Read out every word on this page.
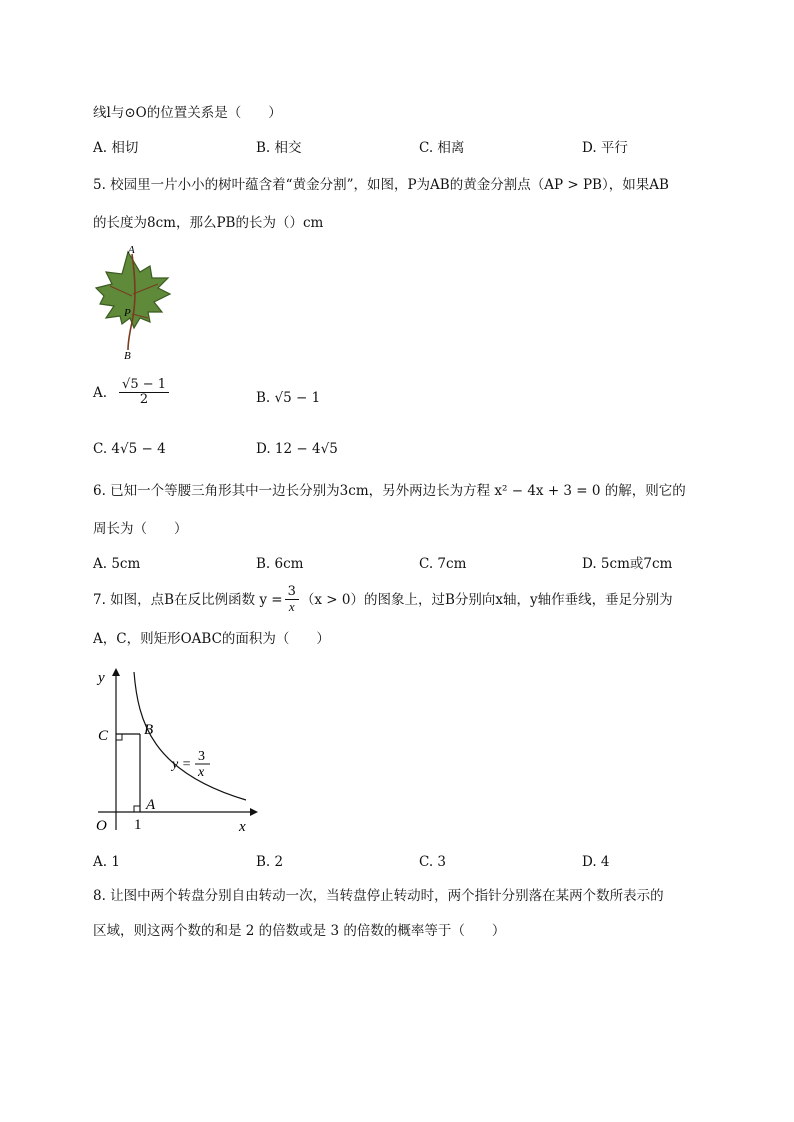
线l与⊙O的位置关系是（　　）
A. 相切	B. 相交	C. 相离	D. 平行
5. 校园里一片小小的树叶蕴含着“黄金分割”，如图，P为AB的黄金分割点（AP > PB），如果AB
的长度为8cm，那么PB的长为（）cm
A
P
B
A. $\frac{√5 - 1}{2}$	B. √5 − 1
C. 4√5 − 4	D. 12 − 4√5
6. 已知一个等腰三角形其中一边长分别为3cm，另外两边长为方程 x² − 4x + 3 = 0 的解，则它的
周长为（　　）
A. 5cm	B. 6cm	C. 7cm	D. 5cm或7cm
7. 如图，点B在反比例函数 $y = \frac{3}{x} (x > 0)$的图象上，过B分别向x轴，y轴作垂线，垂足分别为
A，C，则矩形OABC的面积为（　　）
y
x
O
C B
A
1
y =
3
x
A. 1	B. 2	C. 3	D. 4
8. 让图中两个转盘分别自由转动一次，当转盘停止转动时，两个指针分别落在某两个数所表示的
区域，则这两个数的和是 2 的倍数或是 3 的倍数的概率等于（　　）
